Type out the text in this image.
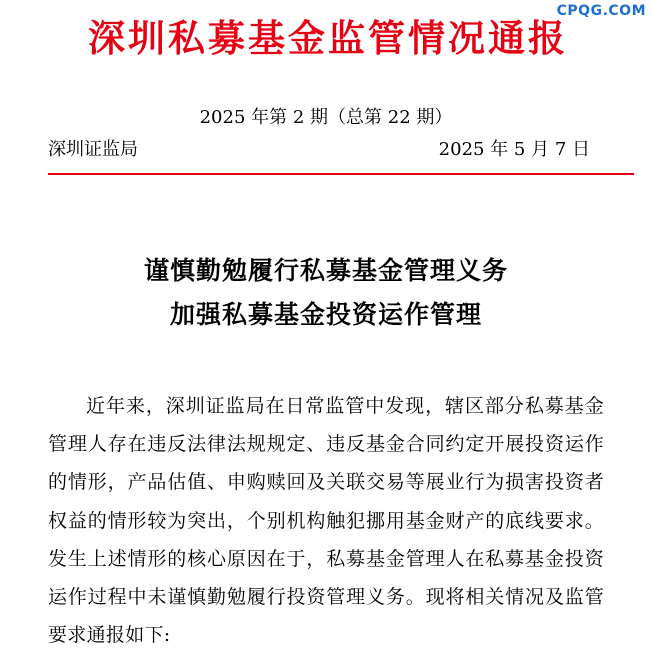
CPQG.COM
深圳私募基金监管情况通报
2025 年第 2 期（总第 22 期）
深圳证监局	2025 年 5 月 7 日
谨慎勤勉履行私募基金管理义务
加强私募基金投资运作管理

近年来，深圳证监局在日常监管中发现，辖区部分私募基金管理人存在违反法律法规规定、违反基金合同约定开展投资运作的情形，产品估值、申购赎回及关联交易等展业行为损害投资者权益的情形较为突出，个别机构触犯挪用基金财产的底线要求。发生上述情形的核心原因在于，私募基金管理人在私募基金投资运作过程中未谨慎勤勉履行投资管理义务。现将相关情况及监管要求通报如下:
